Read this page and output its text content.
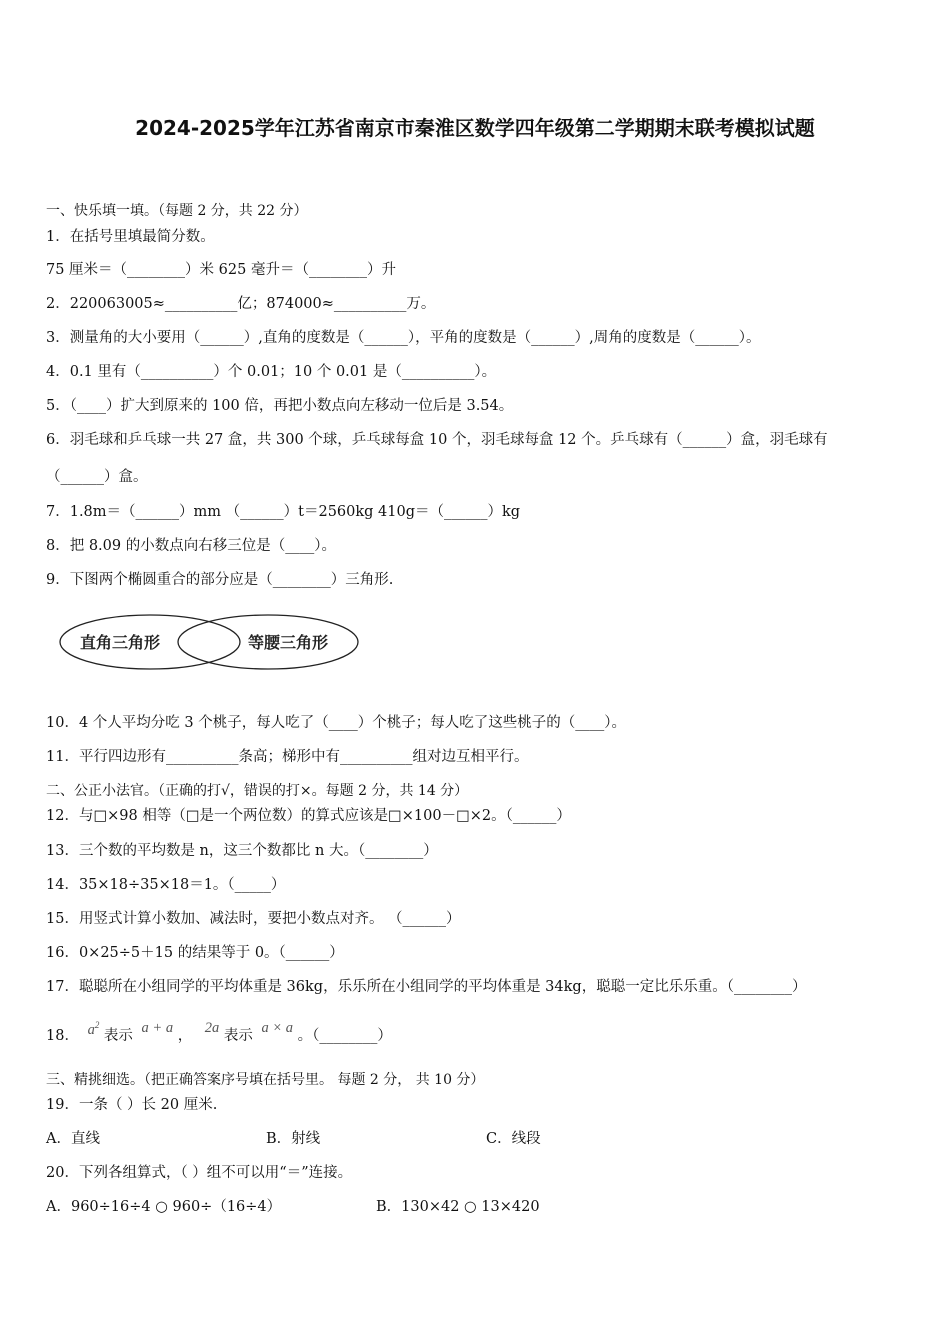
2024-2025学年江苏省南京市秦淮区数学四年级第二学期期末联考模拟试题
一、快乐填一填。（每题 2 分，共 22 分）
1．在括号里填最简分数。
75 厘米＝（________）米 625 毫升＝（________）升
2．220063005≈__________亿；874000≈__________万。
3．测量角的大小要用（______）,直角的度数是（______），平角的度数是（______）,周角的度数是（______）。
4．0.1 里有（__________）个 0.01；10 个 0.01 是（__________）。
5．（____）扩大到原来的 100 倍，再把小数点向左移动一位后是 3.54。
6．羽毛球和乒乓球一共 27 盒，共 300 个球，乒乓球每盒 10 个，羽毛球每盒 12 个。乒乓球有（______）盒，羽毛球有
（______）盒。
7．1.8m＝（______）mm （______）t＝2560kg 410g＝（______）kg
8．把 8.09 的小数点向右移三位是（____）。
9．下图两个椭圆重合的部分应是（________）三角形.
直角三角形	等腰三角形
10．4 个人平均分吃 3 个桃子，每人吃了（____）个桃子；每人吃了这些桃子的（____）。
11．平行四边形有__________条高；梯形中有__________组对边互相平行。
二、公正小法官。（正确的打√，错误的打×。每题 2 分，共 14 分）
12．与□×98 相等（□是一个两位数）的算式应该是□×100－□×2。（______）
13．三个数的平均数是 n，这三个数都比 n 大。（________）
14．35×18÷35×18＝1。（_____）
15．用竖式计算小数加、减法时，要把小数点对齐。 （______）
16．0×25÷5＋15 的结果等于 0。（______）
17．聪聪所在小组同学的平均体重是 36kg，乐乐所在小组同学的平均体重是 34kg，聪聪一定比乐乐重。（________）
18． $a^2$ 表示 a + a ， 2a 表示 a × a 。（________）
三、精挑细选。（把正确答案序号填在括号里。 每题 2 分， 共 10 分）
19．一条（ ）长 20 厘米.
A．直线	B．射线	C．线段
20．下列各组算式，（ ）组不可以用“＝”连接。
A．960÷16÷4 ○ 960÷（16÷4）	B．130×42 ○ 13×420
